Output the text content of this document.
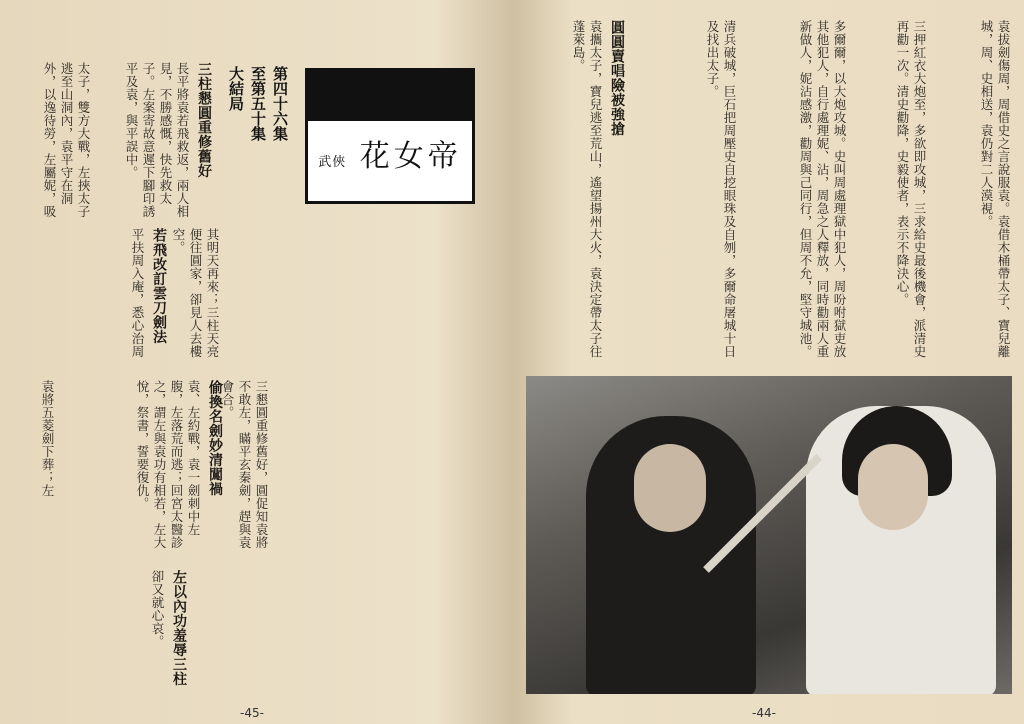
武俠 花女帝
第四十六集
至第五十集
大結局
三柱懇圓重修舊好
長平將袁若飛救返，兩人相見，不勝感慨，快先救太子。左案寄故意遲下腳印誘平及袁，與平誤中。
太子，雙方大戰，左挾太子逃至山洞內，袁平守在洞外，以逸待勞，左屬妮，吸
其明天再來；三柱天亮便往圓家，卻見人去樓空。
若飛改訂雲刀劍法
平扶周入庵，悉心治周
三懇圓重修舊好，圓促知袁將不敢左，瞞平玄秦劍，趕與袁會合。
偷換名劍妙清闖禍
袁、左約戰，袁一劍刺中左腹，左落荒而逃；回宮太醫診之，謂左與袁功有相若，左大悅，祭書，誓要復仇。
袁將五菱劍下葬；左
左以內功羞辱三柱
卻又就心哀。
-45-
袁拔劍傷周，周借史之言說服袁。袁借木桶帶太子、寶兒離城，周、史相送，袁仍對二人漠視。
三押紅衣大炮至，多欲即攻城，三求給史最後機會，派清史再勸一次。清史勸降，史毅使者，表示不降決心。
多爾爾，以大炮攻城。史叫周處理獄中犯人，周吩咐獄吏放其他犯人，自行處理妮、沾，周急之人釋放，同時勸兩人重新做人，妮沾感激，勸周與己同行，但周不允，堅守城池。
清兵破城，巨石把周壓史自挖眼珠及自刎，多爾命屠城十日及找出太子。
圓圓賣唱險被強搶
袁攜太子，寶兒逃至荒山，遙望揚州大火，袁決定帶太子往蓬萊島。
-44-
